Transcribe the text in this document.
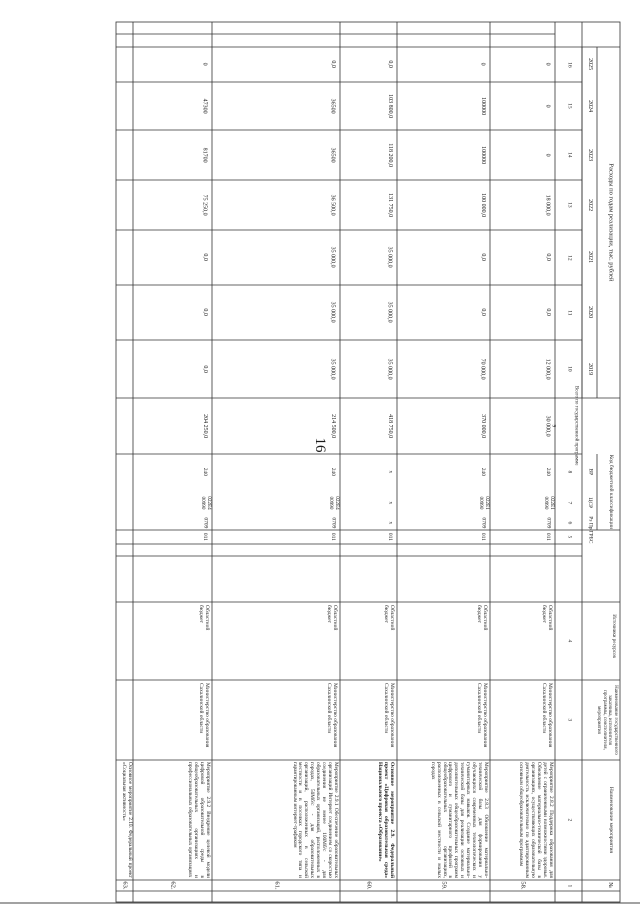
16
№
Наименование мероприятия
Наименование государственного заказчика, исполнителя программы, соисполнителя, мероприятия
Источники ресурсов
Код бюджетной классификации
ГРБС
Рз Пр
ЦСР
ВР
Расходы по годам реализации, тыс. рублей
Всего по государственной программе
2019
2020
2021
2022
2023
2024
2025
1
2
3
4
5
6
7
8
9
10
11
12
13
14
15
16
58.
Мероприятие 2.8.2 Поддержка образования для детей с ограниченными возможностями здоровья. Обновление материально-технической базы в организациях, осуществляющих образовательную деятельность исключительно по адаптированным основным общеобразовательным программам
Министерство образования Сахалинской области
Областной бюджет
011
0709
022Е1 00990
240
30 000,0
12 000,0
0,0
0,0
18 000,0
0
0
0
59.
Мероприятие 2.8.3 Обновление материально-технической базы для формирования у обучающихся современных технологических и гуманитарных навыков. Создание материально-технической базы для реализации основных и дополнительных общеобразовательных программ цифрового и гуманитарного профилей в общеобразовательных организациях, расположенных в сельской местности и малых городах
Министерство образования Сахалинской области
Областной бюджет
011
0709
022Е1 00990
240
370 000,0
70 000,0
0,0
0,0
100 000,0
100000
100000
0
60.
Основное мероприятие 2.9. Федеральный проект «Цифровая образовательная среда» Национального проекта «Образование»
Министерство образования Сахалинской области
Областной бюджет
011
x
x
x
418 750,0
35 000,0
35 000,0
35 000,0
131 750,0
118 200,0
103 800,0
0,0
61.
Мероприятие 2.9.1 Обеспечение образовательных организаций Интернет соединением со скоростью соединения не менее 100Мб/с - для образовательных организаций, расположенных в городах, 50Мб/с - для образовательных организаций, расположенных в сельской местности и в поселках городского типа и гарантированным интернет-трафиком
Министерство образования Сахалинской области
Областной бюджет
011
0709
022Е4 00990
240
214 500,0
35 000,0
35 000,0
35 000,0
36 500,0
36500
36500
0,0
62.
Мероприятие 2.9.2 Внедрение целевой модели цифровой образовательной среды в общеобразовательных организациях и профессиональных образовательных организациях
Министерство образования Сахалинской области
Областной бюджет
011
0709
022Е4 00990
240
204 250,0
0,0
0,0
0,0
75 250,0
81700
47300
0
63.
Основное мероприятие 2.10. Федеральный проект «Социальная активность»
